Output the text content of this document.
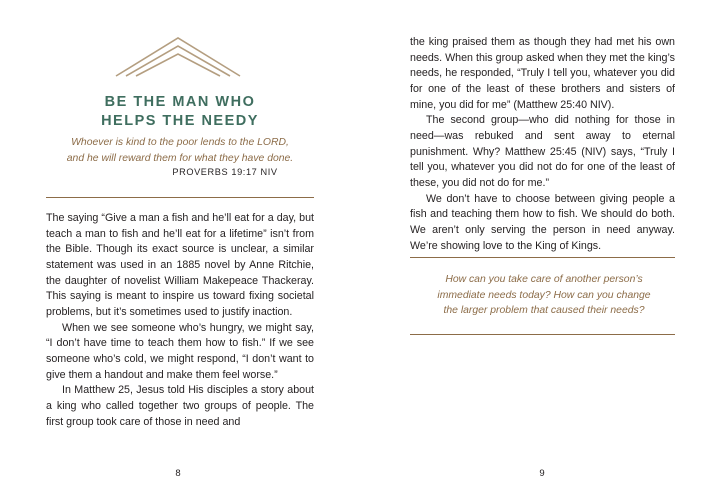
BE THE MAN WHO
HELPS THE NEEDY
Whoever is kind to the poor lends to the LORD,
and he will reward them for what they have done.
PROVERBS 19:17 NIV

The saying “Give a man a fish and he’ll eat for a day, but teach a man to fish and he’ll eat for a lifetime” isn’t from the Bible. Though its exact source is unclear, a similar statement was used in an 1885 novel by Anne Ritchie, the daughter of novelist William Makepeace Thackeray. This saying is meant to inspire us toward fixing societal problems, but it’s sometimes used to justify inaction.

When we see someone who’s hungry, we might say, “I don’t have time to teach them how to fish.” If we see someone who’s cold, we might respond, “I don’t want to give them a handout and make them feel worse.”

In Matthew 25, Jesus told His disciples a story about a king who called together two groups of people. The first group took care of those in need and

8

the king praised them as though they had met his own needs. When this group asked when they met the king’s needs, he responded, “Truly I tell you, whatever you did for one of the least of these brothers and sisters of mine, you did for me” (Matthew 25:40 NIV).

The second group—who did nothing for those in need—was rebuked and sent away to eternal punishment. Why? Matthew 25:45 (NIV) says, “Truly I tell you, whatever you did not do for one of the least of these, you did not do for me.”

We don’t have to choose between giving people a fish and teaching them how to fish. We should do both. We aren’t only serving the person in need anyway. We’re showing love to the King of Kings.

How can you take care of another person’s
immediate needs today? How can you change
the larger problem that caused their needs?
9
